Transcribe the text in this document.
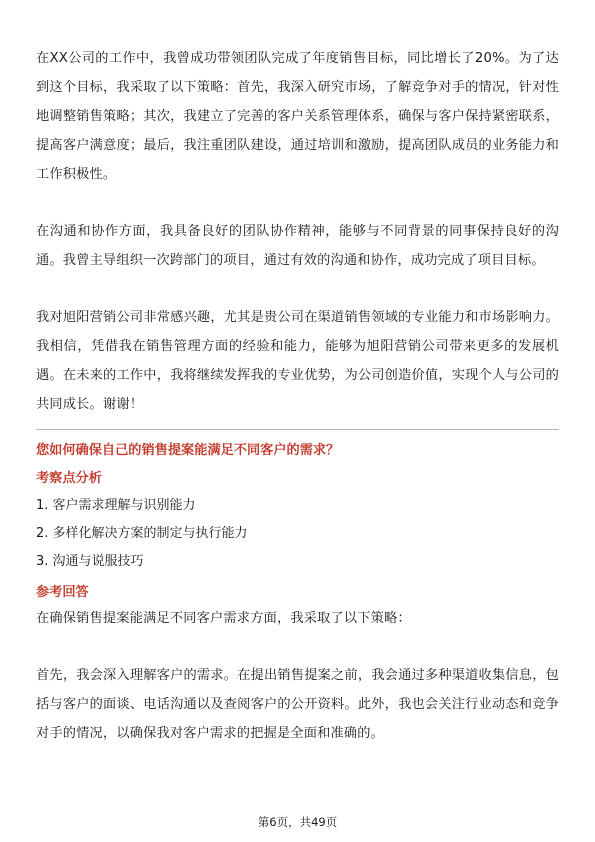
在XX公司的工作中，我曾成功带领团队完成了年度销售目标，同比增长了20%。为了达到这个目标，我采取了以下策略：首先，我深入研究市场，了解竞争对手的情况，针对性地调整销售策略；其次，我建立了完善的客户关系管理体系，确保与客户保持紧密联系，提高客户满意度；最后，我注重团队建设，通过培训和激励，提高团队成员的业务能力和工作积极性。

在沟通和协作方面，我具备良好的团队协作精神，能够与不同背景的同事保持良好的沟通。我曾主导组织一次跨部门的项目，通过有效的沟通和协作，成功完成了项目目标。

我对旭阳营销公司非常感兴趣，尤其是贵公司在渠道销售领域的专业能力和市场影响力。我相信，凭借我在销售管理方面的经验和能力，能够为旭阳营销公司带来更多的发展机遇。在未来的工作中，我将继续发挥我的专业优势，为公司创造价值，实现个人与公司的共同成长。谢谢！

您如何确保自己的销售提案能满足不同客户的需求？

考察点分析

1. 客户需求理解与识别能力

2. 多样化解决方案的制定与执行能力

3. 沟通与说服技巧

参考回答

在确保销售提案能满足不同客户需求方面，我采取了以下策略：

首先，我会深入理解客户的需求。在提出销售提案之前，我会通过多种渠道收集信息，包括与客户的面谈、电话沟通以及查阅客户的公开资料。此外，我也会关注行业动态和竞争对手的情况，以确保我对客户需求的把握是全面和准确的。

第6页，共49页
